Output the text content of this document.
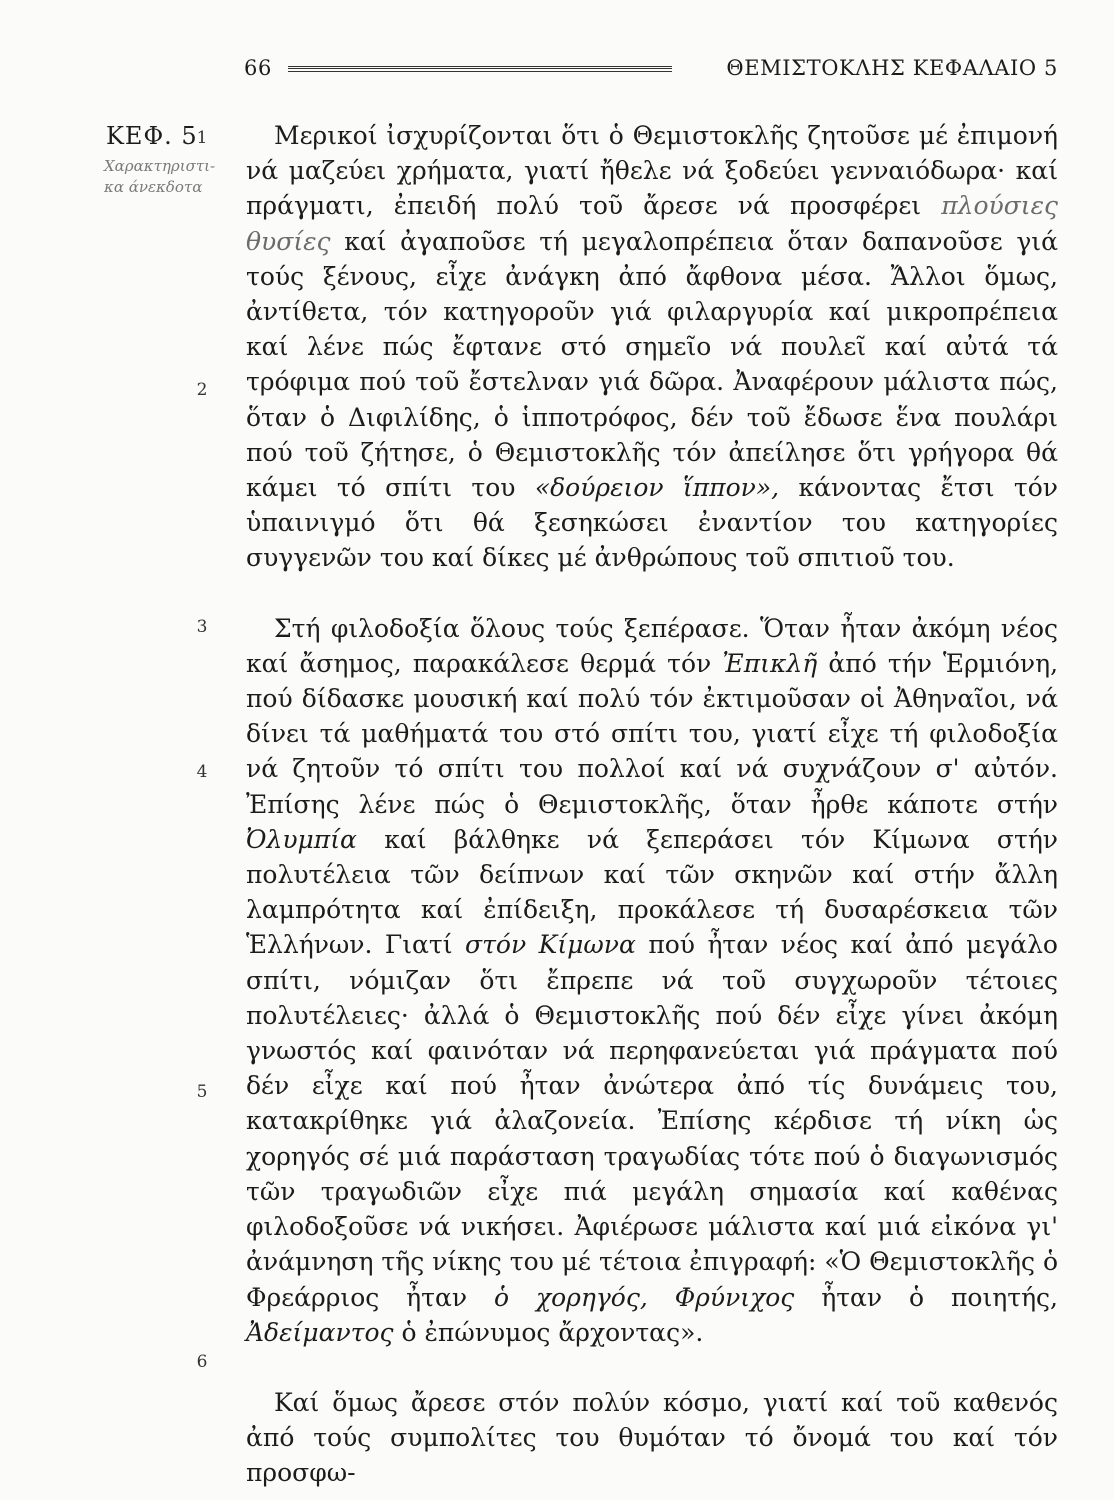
66	ΘΕΜΙΣΤΟΚΛΗΣ ΚΕΦΑΛΑΙΟ 5

ΚΕΦ. 5

Χαρακτηριστι-
κα άνεκδοτα

1
2
3
4
5
6

Μερικοί ἰσχυρίζονται ὅτι ὁ Θεμιστοκλῆς ζητοῦσε μέ ἐπιμονή νά μαζεύει χρήματα, γιατί ἤθελε νά ξοδεύει γενναιόδωρα· καί πράγματι, ἐπειδή πολύ τοῦ ἄρεσε νά προσφέρει πλούσιες θυσίες καί ἀγαποῦσε τή μεγαλοπρέπεια ὅταν δαπανοῦσε γιά τούς ξένους, εἶχε ἀνάγκη ἀπό ἄφθονα μέσα. Ἄλλοι ὅμως, ἀντίθετα, τόν κατηγοροῦν γιά φιλαργυρία καί μικροπρέπεια καί λένε πώς ἔφτανε στό σημεῖο νά πουλεῖ καί αὐτά τά τρόφιμα πού τοῦ ἔστελναν γιά δῶρα. Ἀναφέρουν μάλιστα πώς, ὅταν ὁ Διφιλίδης, ὁ ἱπποτρόφος, δέν τοῦ ἔδωσε ἕνα πουλάρι πού τοῦ ζήτησε, ὁ Θεμιστοκλῆς τόν ἀπείλησε ὅτι γρήγορα θά κάμει τό σπίτι του «δούρειον ἵππον», κάνοντας ἔτσι τόν ὑπαινιγμό ὅτι θά ξεσηκώσει ἐναντίον του κατηγορίες συγγενῶν του καί δίκες μέ ἀνθρώπους τοῦ σπιτιοῦ του.

Στή φιλοδοξία ὅλους τούς ξεπέρασε. Ὅταν ἦταν ἀκόμη νέος καί ἄσημος, παρακάλεσε θερμά τόν Ἐπικλῆ ἀπό τήν Ἑρμιόνη, πού δίδασκε μουσική καί πολύ τόν ἐκτιμοῦσαν οἱ Ἀθηναῖοι, νά δίνει τά μαθήματά του στό σπίτι του, γιατί εἶχε τή φιλοδοξία νά ζητοῦν τό σπίτι του πολλοί καί νά συχνάζουν σ' αὐτόν. Ἐπίσης λένε πώς ὁ Θεμιστοκλῆς, ὅταν ἦρθε κάποτε στήν Ὀλυμπία καί βάλθηκε νά ξεπεράσει τόν Κίμωνα στήν πολυτέλεια τῶν δείπνων καί τῶν σκηνῶν καί στήν ἄλλη λαμπρότητα καί ἐπίδειξη, προκάλεσε τή δυσαρέσκεια τῶν Ἑλλήνων. Γιατί στόν Κίμωνα πού ἦταν νέος καί ἀπό μεγάλο σπίτι, νόμιζαν ὅτι ἔπρεπε νά τοῦ συγχωροῦν τέτοιες πολυτέλειες· ἀλλά ὁ Θεμιστοκλῆς πού δέν εἶχε γίνει ἀκόμη γνωστός καί φαινόταν νά περηφανεύεται γιά πράγματα πού δέν εἶχε καί πού ἦταν ἀνώτερα ἀπό τίς δυνάμεις του, κατακρίθηκε γιά ἀλαζονεία. Ἐπίσης κέρδισε τή νίκη ὡς χορηγός σέ μιά παράσταση τραγωδίας τότε πού ὁ διαγωνισμός τῶν τραγωδιῶν εἶχε πιά μεγάλη σημασία καί καθένας φιλοδοξοῦσε νά νικήσει. Ἀφιέρωσε μάλιστα καί μιά εἰκόνα γι' ἀνάμνηση τῆς νίκης του μέ τέτοια ἐπιγραφή: «Ὁ Θεμιστοκλῆς ὁ Φρεάρριος ἦταν ὁ χορηγός, Φρύνιχος ἦταν ὁ ποιητής, Ἀδείμαντος ὁ ἐπώνυμος ἄρχοντας».

Καί ὅμως ἄρεσε στόν πολύν κόσμο, γιατί καί τοῦ καθενός ἀπό τούς συμπολίτες του θυμόταν τό ὄνομά του καί τόν προσφω-
